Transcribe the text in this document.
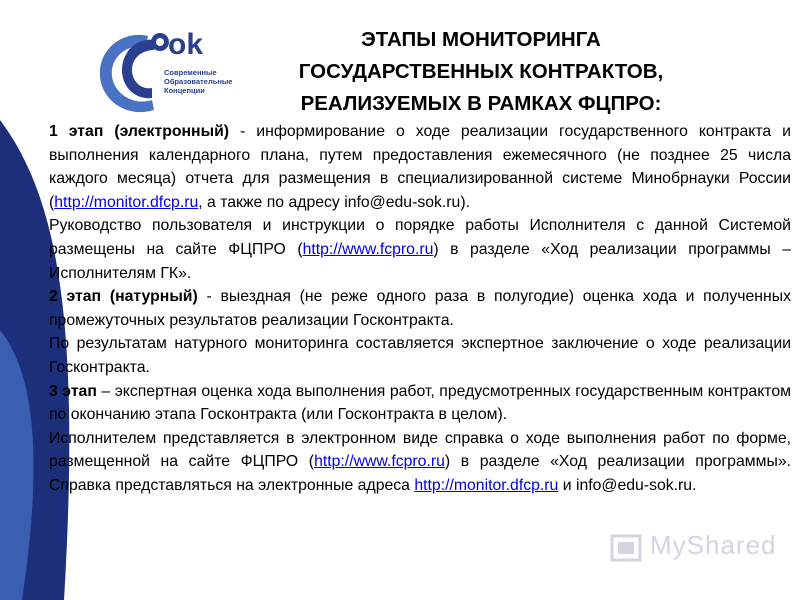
ok
Современные
Образовательные
Концепции
ЭТАПЫ МОНИТОРИНГА
ГОСУДАРСТВЕННЫХ КОНТРАКТОВ,
РЕАЛИЗУЕМЫХ В РАМКАХ ФЦПРО:

1 этап (электронный) - информирование о ходе реализации государственного контракта и выполнения календарного плана, путем предоставления ежемесячного (не позднее 25 числа каждого месяца) отчета для размещения в специализированной системе Минобрнауки России (http://monitor.dfcp.ru, а также по адресу info@edu-sok.ru).

Руководство пользователя и инструкции о порядке работы Исполнителя с данной Системой размещены на сайте ФЦПРО (http://www.fcpro.ru) в разделе «Ход реализации программы – Исполнителям ГК».

2 этап (натурный) - выездная (не реже одного раза в полугодие) оценка хода и полученных промежуточных результатов реализации Госконтракта.

По результатам натурного мониторинга составляется экспертное заключение о ходе реализации Госконтракта.

3 этап – экспертная оценка хода выполнения работ, предусмотренных государственным контрактом по окончанию этапа Госконтракта (или Госконтракта в целом).

Исполнителем представляется в электронном виде справка о ходе выполнения работ по форме, размещенной на сайте ФЦПРО (http://www.fcpro.ru) в разделе «Ход реализации программы». Справка представляться на электронные адреса http://monitor.dfcp.ru и info@edu-sok.ru.

MyShared
